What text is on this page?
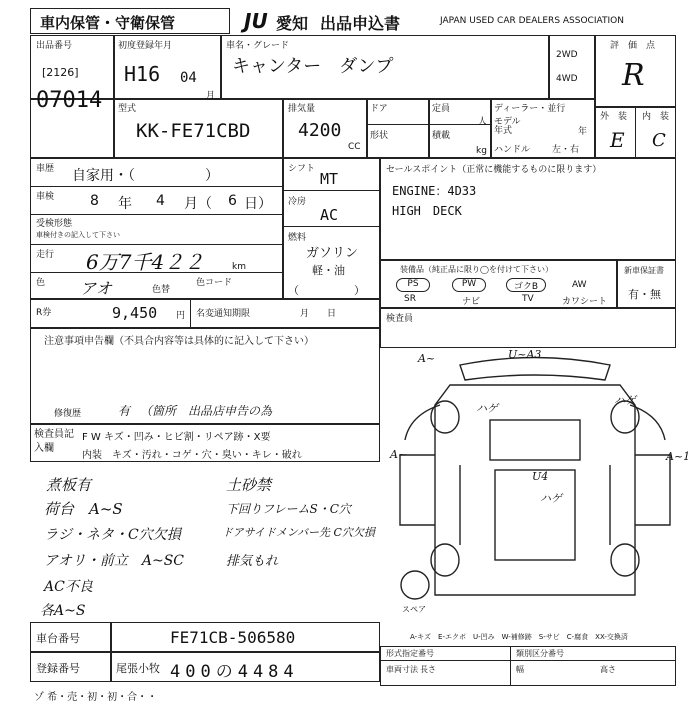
車内保管・守衛保管	JU 愛知 出品申込書	JAPAN USED CAR DEALERS ASSOCIATION
出品番号
[2126]
07014
初度登録年月
H16 04
月
車名・グレード
キャンター　ダンプ
2WD
4WD
評　価　点
R
外　装 内　装
E C
型式
KK-FE71CBD
排気量
4200
CC
ドア	定員
人
形状	積載
kg
ディーラー・並行
モデル年式	年
ハンドル 左・右
車歴 自家用・（　　　　　）
車検	8 年 4 月（ 6 日）
受検形態
車検付きの記入して下さい
走行 6万7千4２２	km
色 アオ	色替
色コード
R券	9,450 円 名変通知期限	月　　日
シフト
MT
冷房
AC
燃料
ガソリン
軽・油
（　　　　　）
セールスポイント（正常に機能するものに限ります）
ENGINE：4D33
HIGH　DECK
装備品（純正品に限り◯を付けて下さい）
PS	PW	ゴクB	AW
SR	ナビ	TV	カワシート
新車保証書
有・無
検査員
注意事項申告欄（不具合内容等は具体的に記入して下さい）
修復歴	有 （箇所　出品店申告の為
検査員記入欄
F W キズ・凹み・ヒビ割・リペア跡・X要
内装　キズ・汚れ・コゲ・穴・臭い・キレ・破れ
煮板有
荷台　A~S
ラジ・ネタ・C穴欠損
アオリ・前立　A~SC
AC不良
各A~S
土砂禁
下回りフレームS・C穴
ドアサイドメンバー先 C穴欠損
排気もれ
A~	U~A3
ハゲ
ハゲ
A~
U4
ハゲ
A~1
スペア
A-キズ　E-エクボ　U-凹み　W-補修跡　S-サビ　C-腐食　XX-交換済
車台番号	FE71CB-506580
登録番号	尾張小牧 400の4484
ゾ 希・売・初・初・合・・
形式指定番号	類別区分番号
車両寸法 長さ	幅	高さ
